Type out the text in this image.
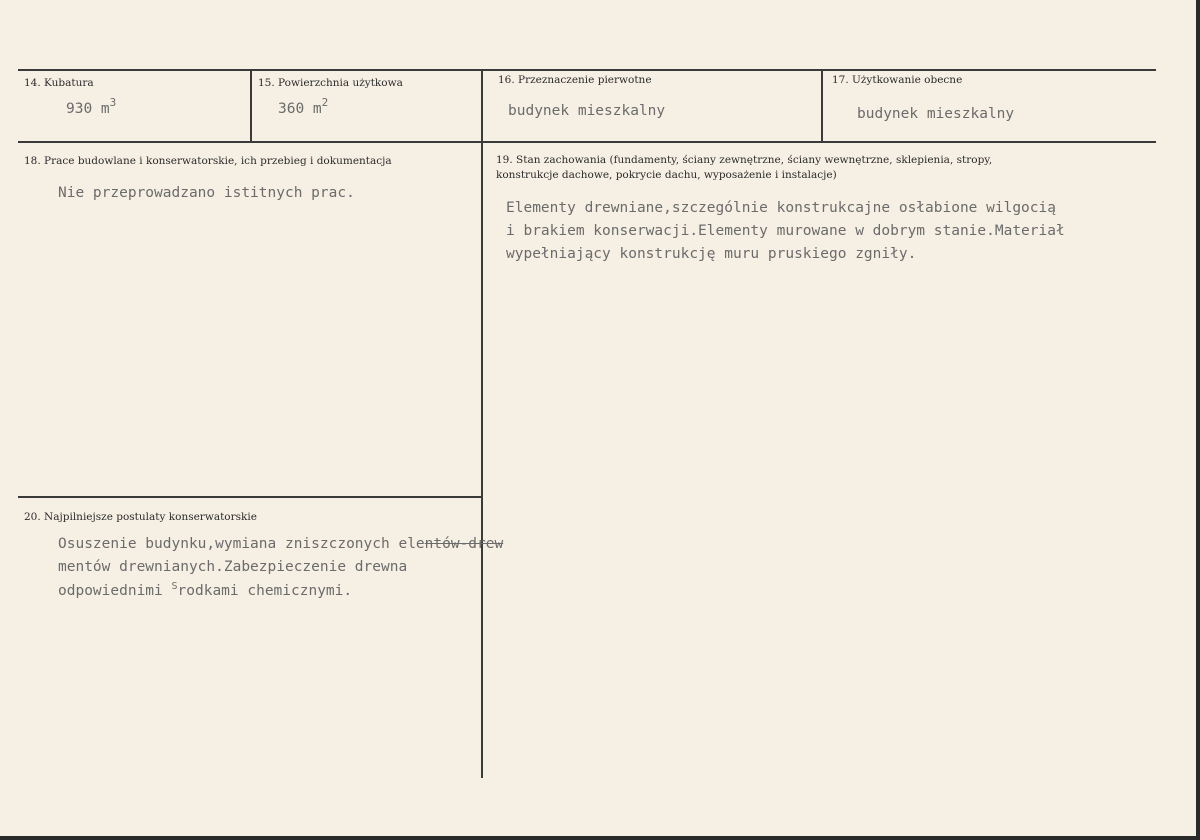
14. Kubatura
930 $m^3$
15. Powierzchnia użytkowa
360 $m^2$
16. Przeznaczenie pierwotne
budynek mieszkalny
17. Użytkowanie obecne
budynek mieszkalny
18. Prace budowlane i konserwatorskie, ich przebieg i dokumentacja
Nie przeprowadzano istitnych prac.
19. Stan zachowania (fundamenty, ściany zewnętrzne, ściany wewnętrzne, sklepienia, stropy,
konstrukcje dachowe, pokrycie dachu, wyposażenie i instalacje)
Elementy drewniane,szczególnie konstrukcajne osłabione wilgocią
i brakiem konserwacji.Elementy murowane w dobrym stanie.Materiał
wypełniający konstrukcję muru pruskiego zgniły.
20. Najpilniejsze postulaty konserwatorskie
Osuszenie budynku,wymiana zniszczonych elentów-drew
mentów drewnianych.Zabezpieczenie drewna
odpowiednimi $^S$rodkami chemicznymi.
